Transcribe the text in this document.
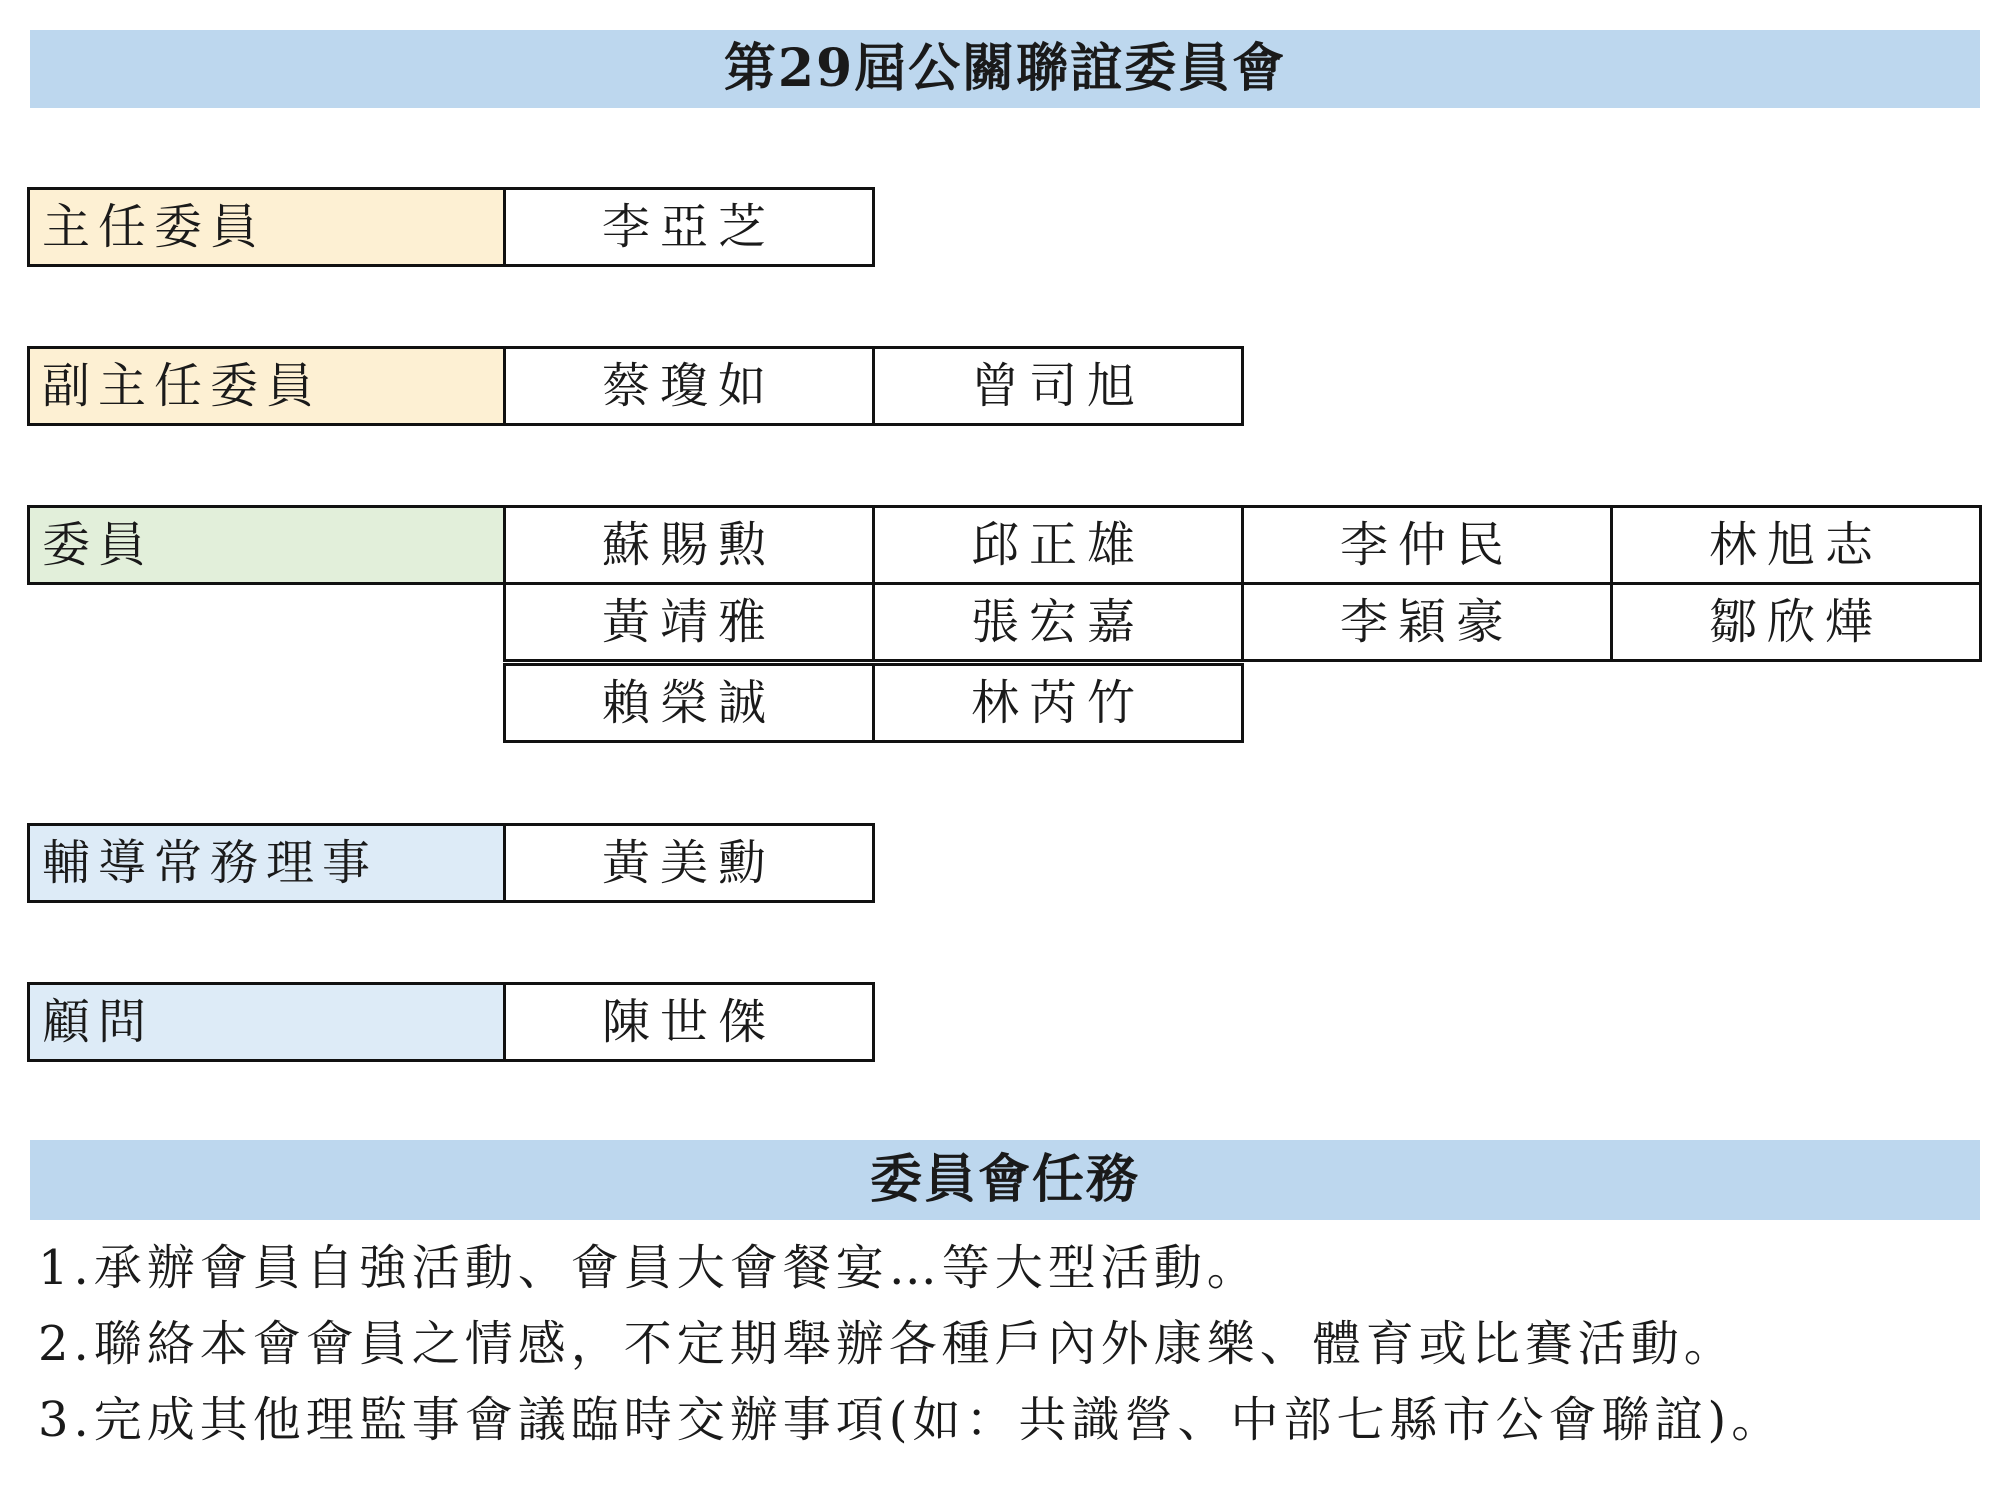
第29屆公關聯誼委員會
主任委員	李亞芝
副主任委員	蔡瓊如	曾司旭
委員	蘇賜勲	邱正雄	李仲民	林旭志
黃靖雅	張宏嘉	李穎豪	鄒欣燁
賴榮誠	林芮竹
輔導常務理事	黃美勳
顧問	陳世傑
委員會任務
1.承辦會員自強活動、會員大會餐宴…等大型活動。
2.聯絡本會會員之情感，不定期舉辦各種戶內外康樂、體育或比賽活動。
3.完成其他理監事會議臨時交辦事項(如：共識營、中部七縣市公會聯誼)。
